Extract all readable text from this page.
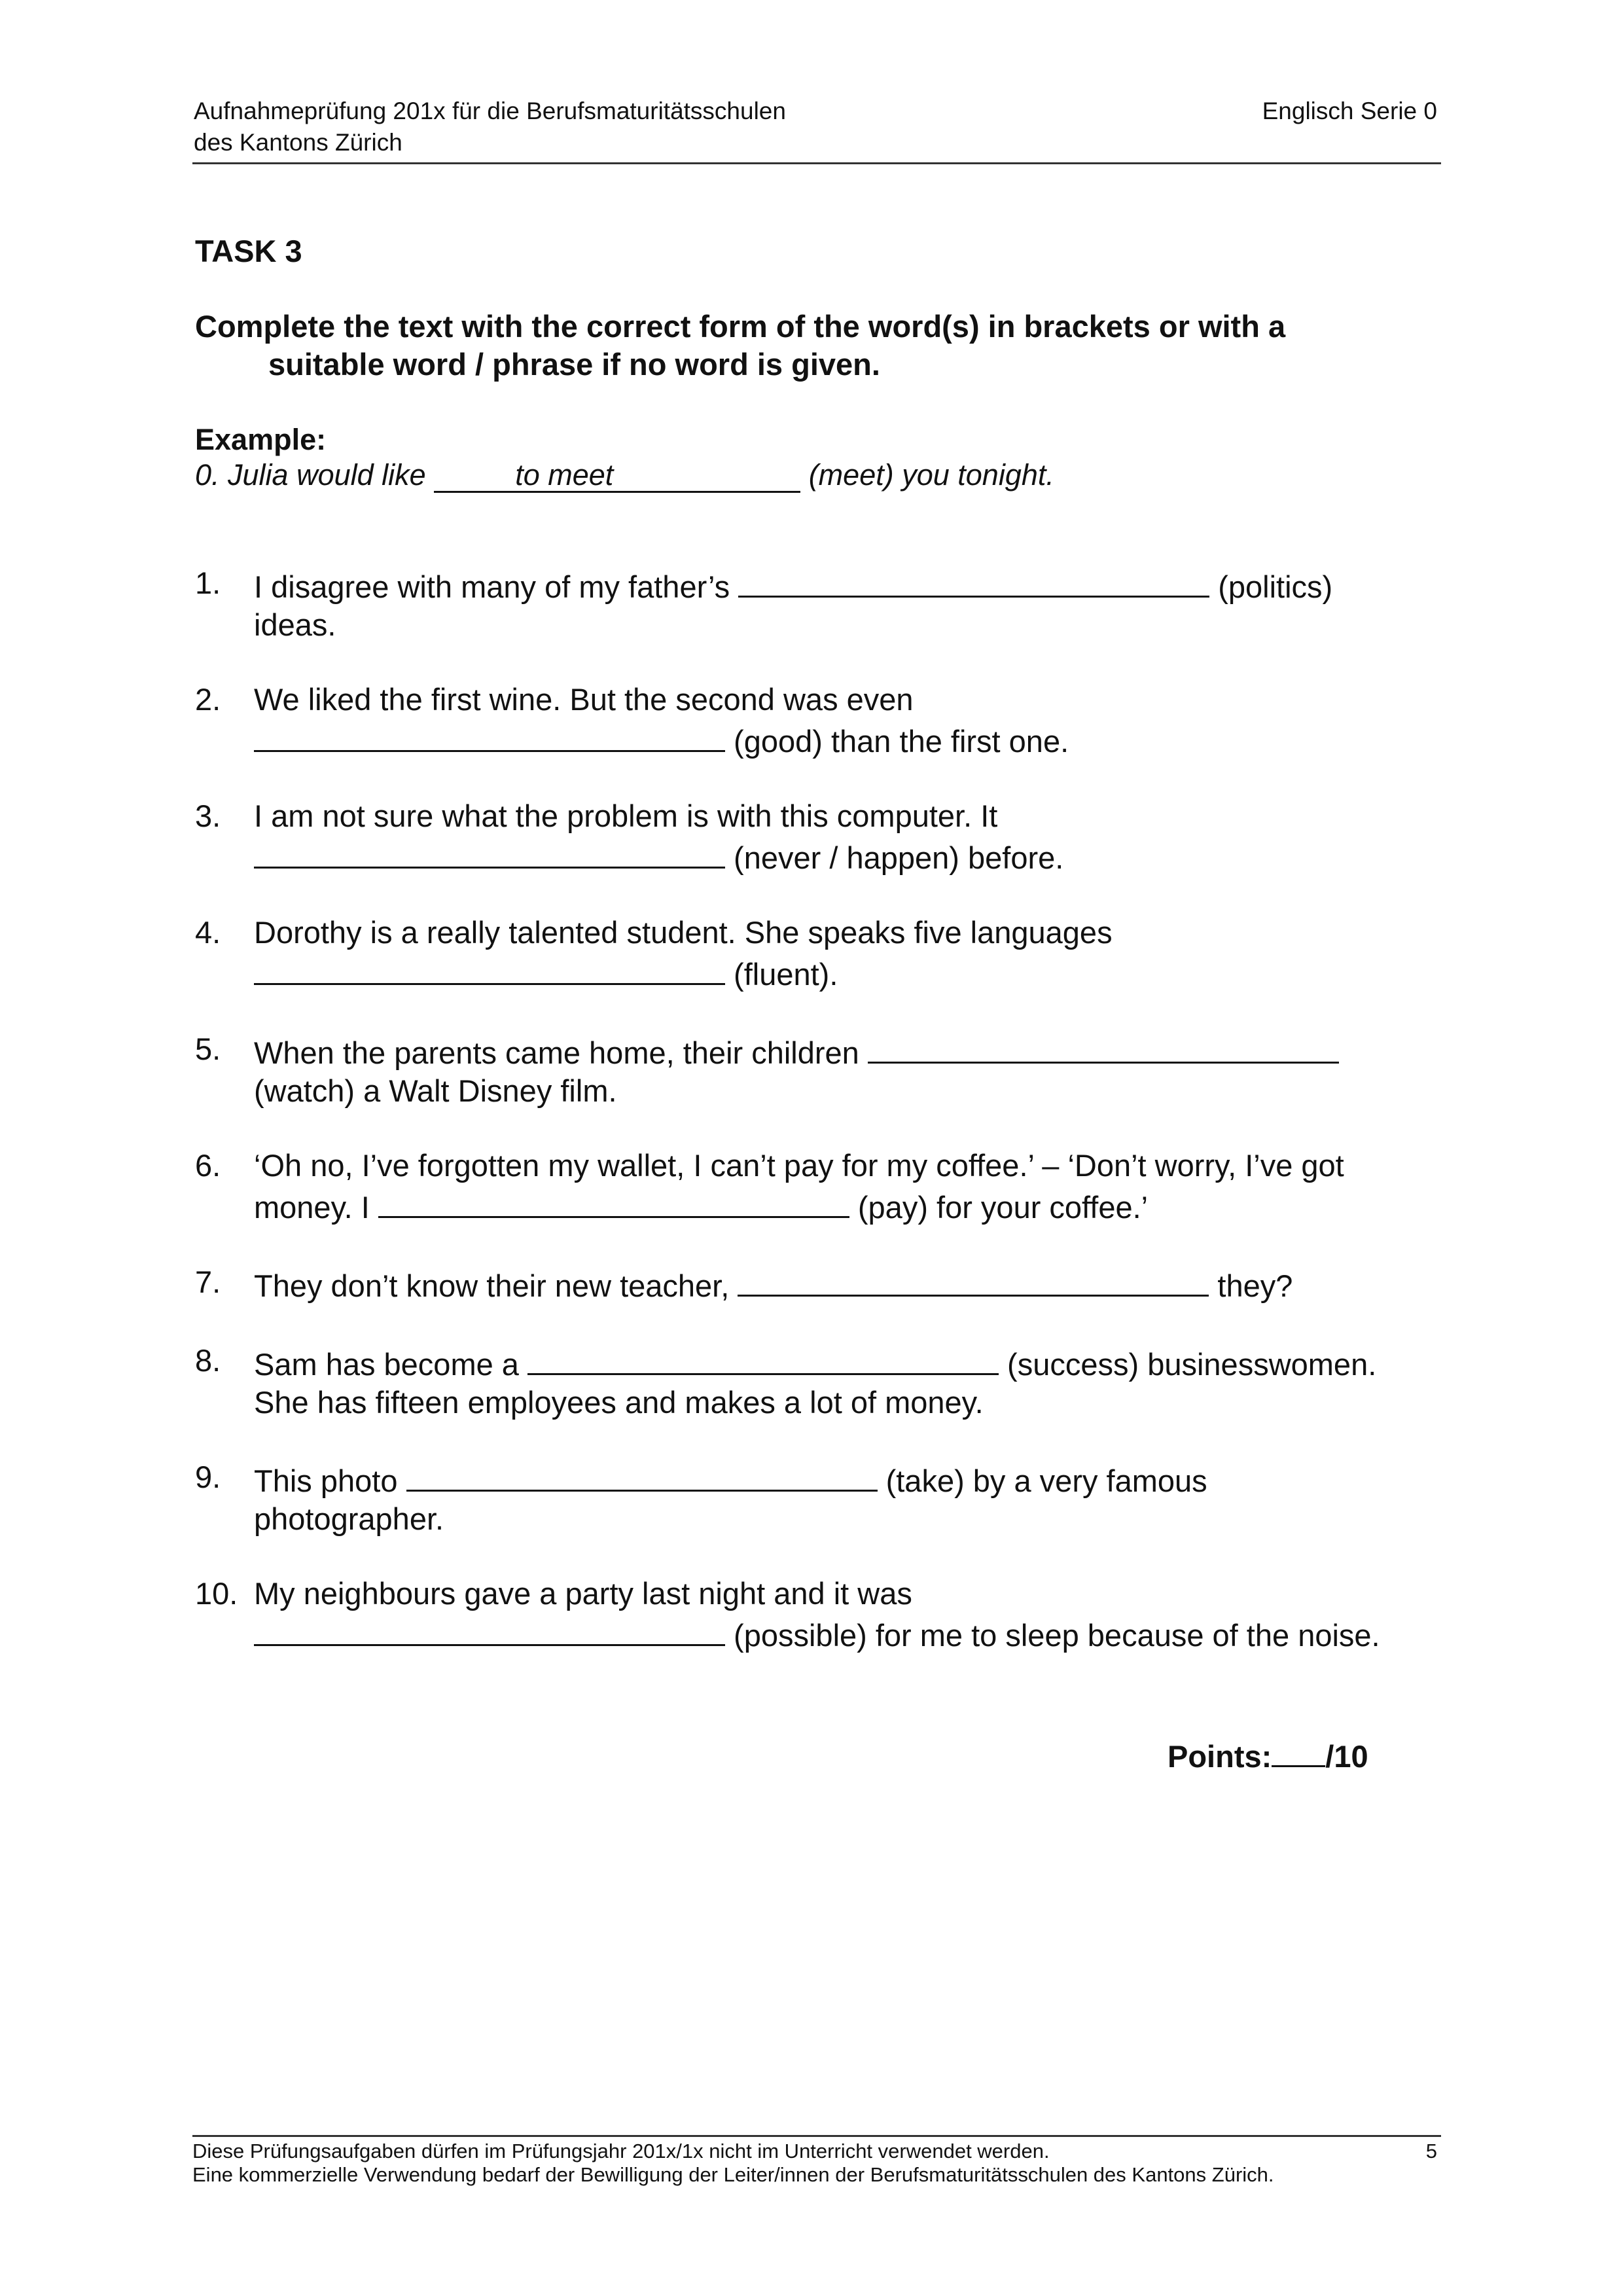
Aufnahmeprüfung 201x für die Berufsmaturitätsschulen
des Kantons Zürich
Englisch Serie 0
TASK 3
Complete the text with the correct form of the word(s) in brackets or with a
suitable word / phrase if no word is given.
Example:
0. Julia would like	to meet	(meet) you tonight.
1. I disagree with many of my father’s	(politics)
ideas.
2. We liked the first wine. But the second was even
(good) than the first one.
3. I am not sure what the problem is with this computer. It
(never / happen) before.
4. Dorothy is a really talented student. She speaks five languages
(fluent).
5. When the parents came home, their children
(watch) a Walt Disney film.
6. ‘Oh no, I’ve forgotten my wallet, I can’t pay for my coffee.’ – ‘Don’t worry, I’ve got
money. I	(pay) for your coffee.’
7. They don’t know their new teacher,	they?
8. Sam has become a	(success) businesswomen.
She has fifteen employees and makes a lot of money.
9. This photo	(take) by a very famous
photographer.
10. My neighbours gave a party last night and it was
(possible) for me to sleep because of the noise.
Points: /10
Diese Prüfungsaufgaben dürfen im Prüfungsjahr 201x/1x nicht im Unterricht verwendet werden.
Eine kommerzielle Verwendung bedarf der Bewilligung der Leiter/innen der Berufsmaturitätsschulen des Kantons Zürich.
5
